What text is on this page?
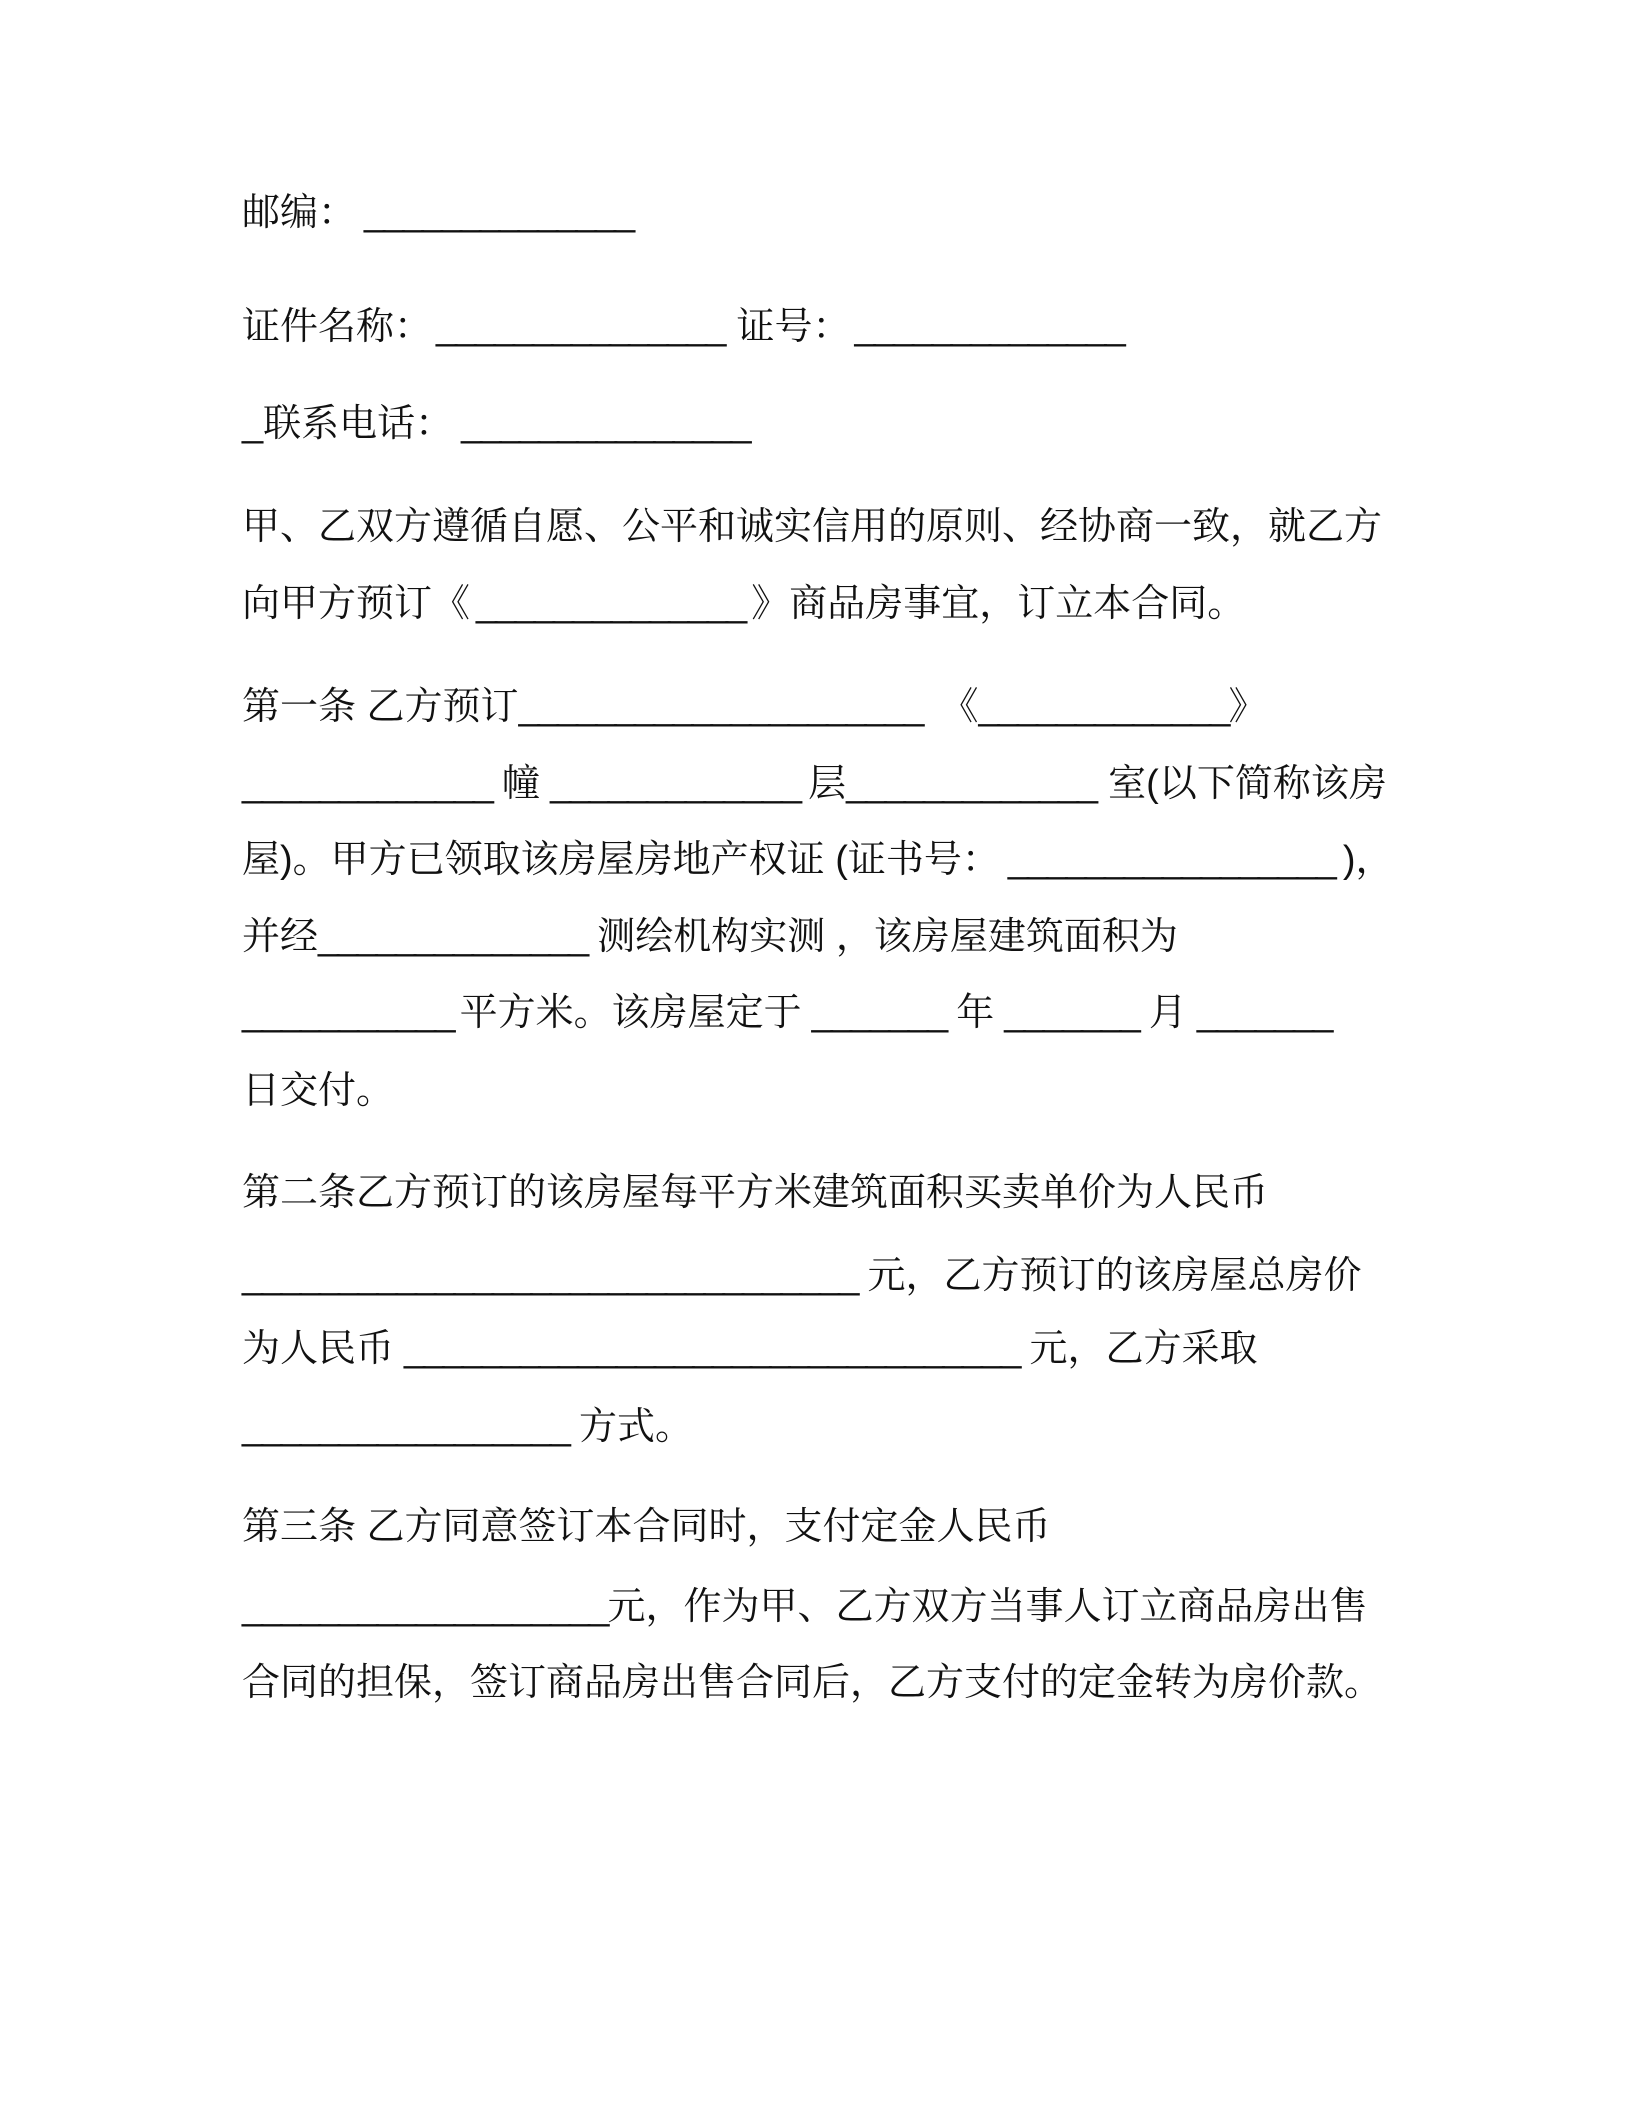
邮编： ______________
证件名称： _______________ 证号： ______________
_联系电话： _______________
甲、乙双方遵循自愿、公平和诚实信用的原则、经协商一致，就乙方
向甲方预订《 ______________ 》商品房事宜，订立本合同。
第一条 乙方预订 _____________________ 《 _____________ 》
_____________ 幢 _____________ 层 _____________ 室(以下简称该房
屋)。甲方已领取该房屋房地产权证 (证书号： _________________ )，
并经 ______________ 测绘机构实测 ，该房屋建筑面积为
___________ 平方米。该房屋定于 _______ 年 _______ 月 _______
日交付。
第二条乙方预订的该房屋每平方米建筑面积买卖单价为人民币
________________________________ 元，乙方预订的该房屋总房价
为人民币 ________________________________ 元，乙方采取
_________________ 方式。
第三条 乙方同意签订本合同时，支付定金人民币
___________________ 元，作为甲、乙方双方当事人订立商品房出售
合同的担保，签订商品房出售合同后，乙方支付的定金转为房价款。
